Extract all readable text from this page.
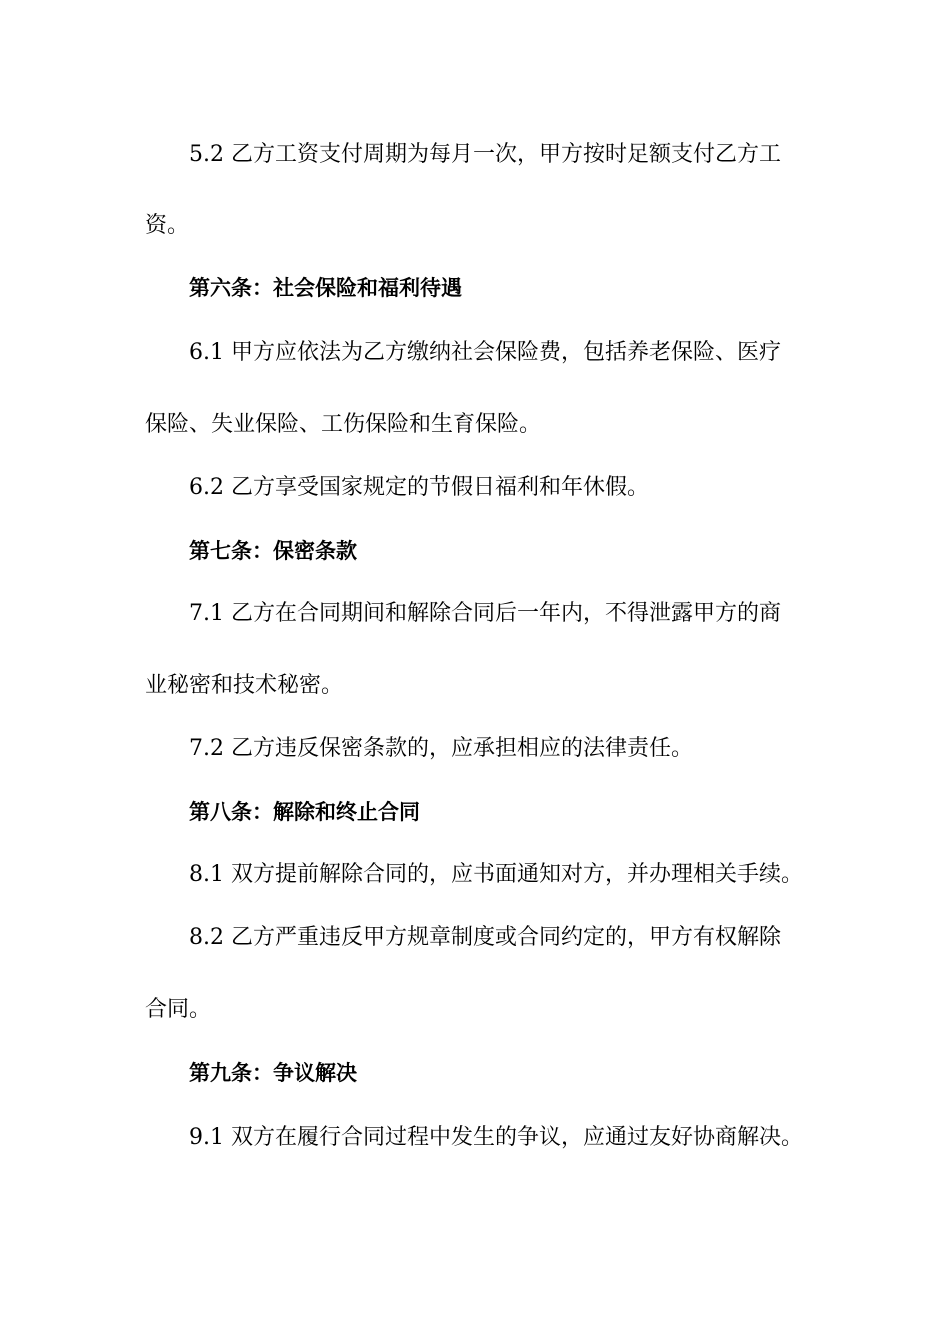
5.2 乙方工资支付周期为每月一次，甲方按时足额支付乙方工
资。
第六条：社会保险和福利待遇
6.1 甲方应依法为乙方缴纳社会保险费，包括养老保险、医疗
保险、失业保险、工伤保险和生育保险。
6.2 乙方享受国家规定的节假日福利和年休假。
第七条：保密条款
7.1 乙方在合同期间和解除合同后一年内，不得泄露甲方的商
业秘密和技术秘密。
7.2 乙方违反保密条款的，应承担相应的法律责任。
第八条：解除和终止合同
8.1 双方提前解除合同的，应书面通知对方，并办理相关手续。
8.2 乙方严重违反甲方规章制度或合同约定的，甲方有权解除
合同。
第九条：争议解决
9.1 双方在履行合同过程中发生的争议，应通过友好协商解决。
